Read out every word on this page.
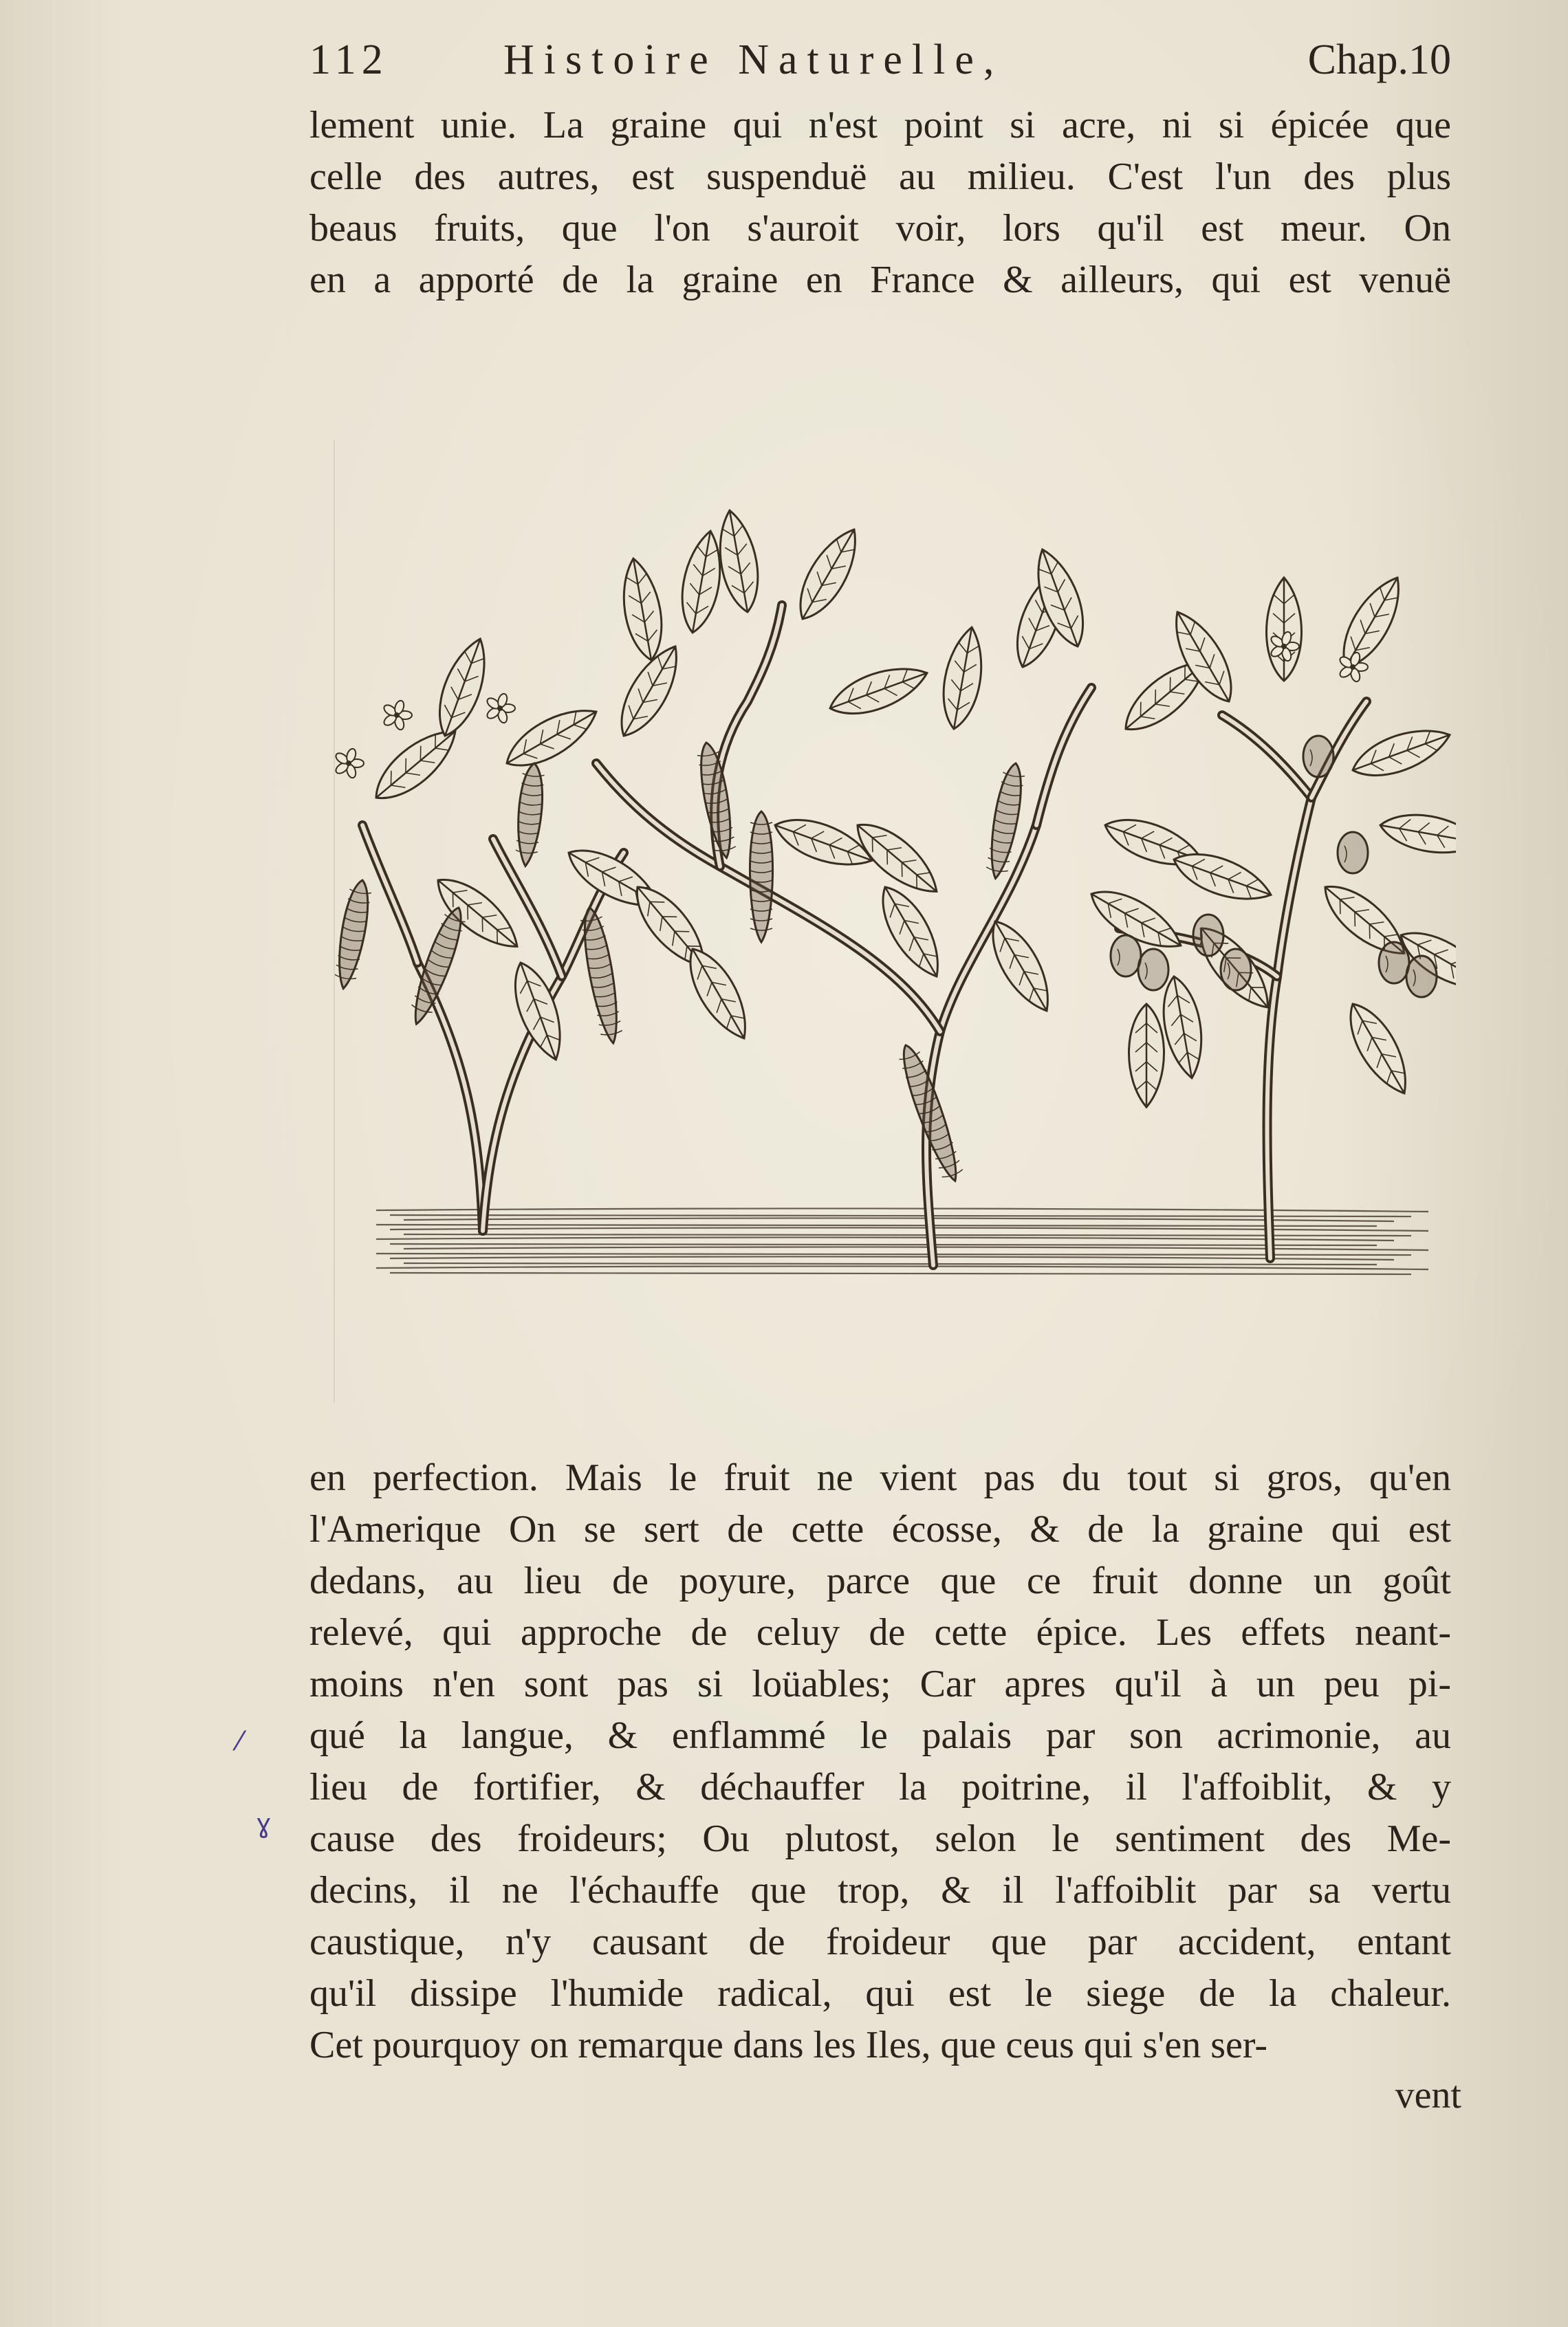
112	Histoire Naturelle,	Chap.10
lement unie. La graine qui n'est point si acre, ni si épicée que
celle des autres, est suspenduë au milieu. C'est l'un des plus
beaus fruits, que l'on s'auroit voir, lors qu'il est meur. On
en a apporté de la graine en France & ailleurs, qui est venuë
en perfection. Mais le fruit ne vient pas du tout si gros, qu'en
l'Amerique On se sert de cette écosse, & de la graine qui est
dedans, au lieu de poyure, parce que ce fruit donne un goût
relevé, qui approche de celuy de cette épice. Les effets neant-
moins n'en sont pas si loüables; Car apres qu'il à un peu pi-
qué la langue, & enflammé le palais par son acrimonie, au
lieu de fortifier, & déchauffer la poitrine, il l'affoiblit, & y
cause des froideurs; Ou plutost, selon le sentiment des Me-
decins, il ne l'échauffe que trop, & il l'affoiblit par sa vertu
caustique, n'y causant de froideur que par accident, entant
qu'il dissipe l'humide radical, qui est le siege de la chaleur.
Cet pourquoy on remarque dans les Iles, que ceus qui s'en ser-
vent
⁄
ɣ
